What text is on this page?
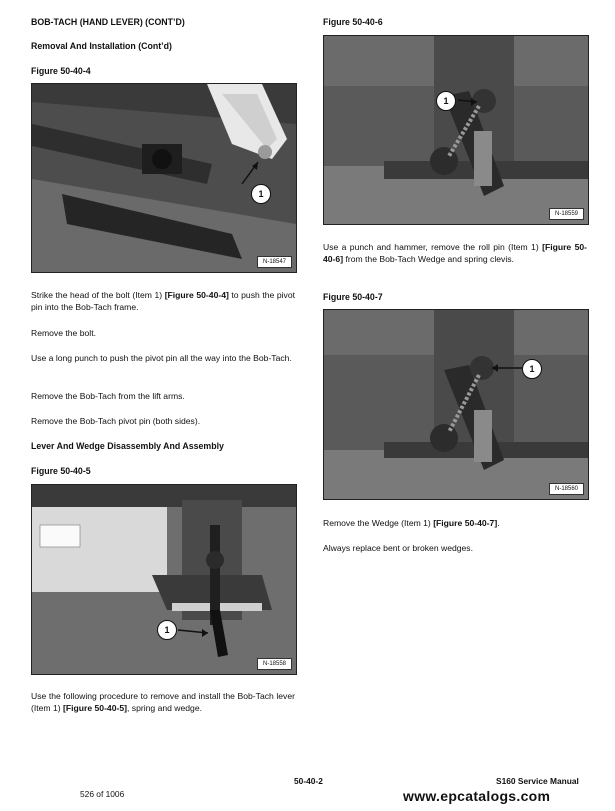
BOB-TACH (HAND LEVER) (CONT’D)
Removal And Installation (Cont’d)
Figure 50-40-4
1
N-18547
Strike the head of the bolt (Item 1) [Figure 50-40-4] to push the pivot pin into the Bob-Tach frame.
Remove the bolt.
Use a long punch to push the pivot pin all the way into the Bob-Tach.
Remove the Bob-Tach from the lift arms.
Remove the Bob-Tach pivot pin (both sides).
Lever And Wedge Disassembly And Assembly
Figure 50-40-5
1
N-18558
Use the following procedure to remove and install the Bob-Tach lever (Item 1) [Figure 50-40-5], spring and wedge.
Figure 50-40-6
1
N-18559
Use a punch and hammer, remove the roll pin (Item 1) [Figure 50-40-6] from the Bob-Tach Wedge and spring clevis.
Figure 50-40-7
1
N-18560
Remove the Wedge (Item 1) [Figure 50-40-7].
Always replace bent or broken wedges.
50-40-2	S160 Service Manual
526 of 1006	www.epcatalogs.com
